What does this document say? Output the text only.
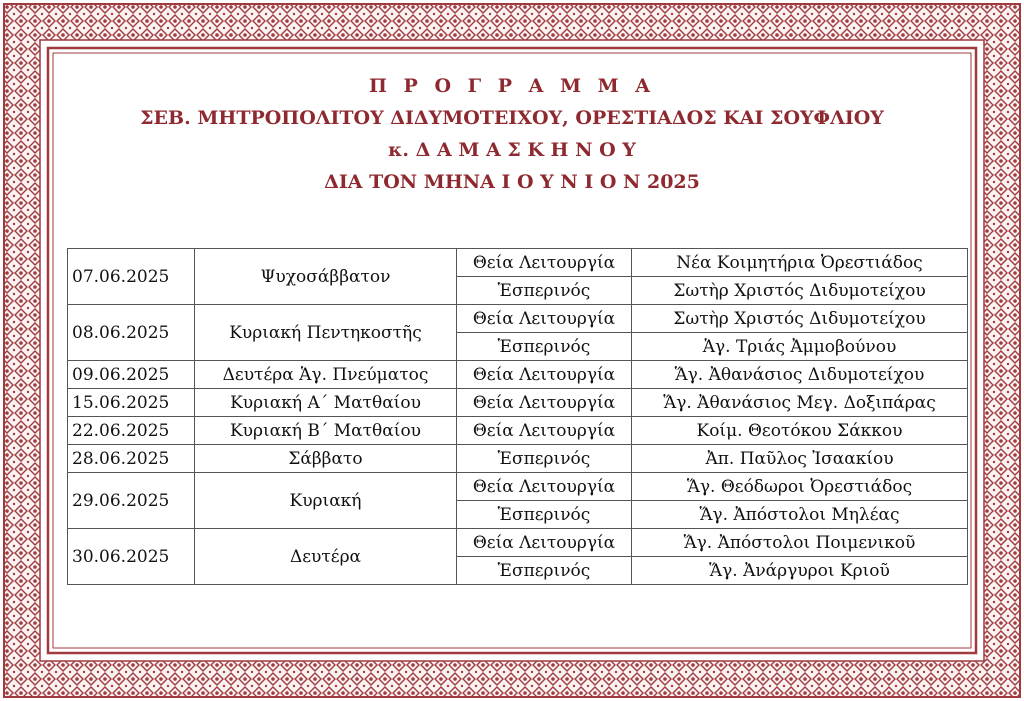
Π Ρ Ο Γ Ρ Α Μ Μ Α
ΣΕΒ. ΜΗΤΡΟΠΟΛΙΤΟΥ ΔΙΔΥΜΟΤΕΙΧΟΥ, ΟΡΕΣΤΙΑΔΟΣ ΚΑΙ ΣΟΥΦΛΙΟΥ
κ. Δ Α Μ Α Σ Κ Η Ν Ο Υ
ΔΙΑ ΤΟΝ ΜΗΝΑ Ι Ο Υ Ν Ι Ο Ν 2025
07.06.2025	Ψυχοσάββατον	Θεία Λειτουργία	Νέα Κοιμητήρια Ὀρεστιάδος
		Ἑσπερινός	Σωτὴρ Χριστός Διδυμοτείχου
08.06.2025	Κυριακή Πεντηκοστῆς	Θεία Λειτουργία	Σωτὴρ Χριστός Διδυμοτείχου
		Ἑσπερινός	Ἁγ. Τριάς Ἀμμοβούνου
09.06.2025	Δευτέρα Ἁγ. Πνεύματος	Θεία Λειτουργία	Ἅγ. Ἀθανάσιος Διδυμοτείχου
15.06.2025	Κυριακή Α΄ Ματθαίου	Θεία Λειτουργία	Ἅγ. Ἀθανάσιος Μεγ. Δοξιπάρας
22.06.2025	Κυριακή Β΄ Ματθαίου	Θεία Λειτουργία	Κοίμ. Θεοτόκου Σάκκου
28.06.2025	Σάββατο	Ἑσπερινός	Ἀπ. Παῦλος Ἰσαακίου
29.06.2025	Κυριακή	Θεία Λειτουργία	Ἅγ. Θεόδωροι Ὀρεστιάδος
		Ἑσπερινός	Ἅγ. Ἀπόστολοι Μηλέας
30.06.2025	Δευτέρα	Θεία Λειτουργία	Ἅγ. Ἀπόστολοι Ποιμενικοῦ
		Ἑσπερινός	Ἅγ. Ἀνάργυροι Κριοῦ
